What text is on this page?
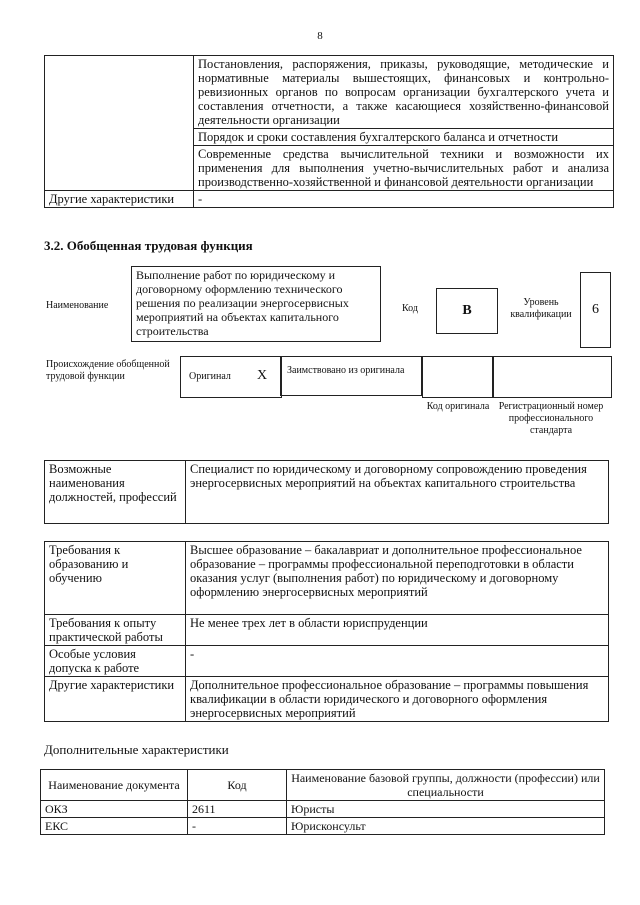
8
	Постановления, распоряжения, приказы, руководящие, методические и нормативные материалы вышестоящих, финансовых и контрольно-ревизионных органов по вопросам организации бухгалтерского учета и составления отчетности, а также касающиеся хозяйственно-финансовой деятельности организации
	Порядок и сроки составления бухгалтерского баланса и отчетности
	Современные средства вычислительной техники и возможности их применения для выполнения учетно-вычислительных работ и анализа производственно-хозяйственной и финансовой деятельности организации
Другие характеристики	-
3.2. Обобщенная трудовая функция
Наименование
Выполнение работ по юридическому и договорному оформлению технического решения по реализации энергосервисных мероприятий на объектах капитального строительства
Код	В
Уровень квалификации	6
Происхождение обобщенной трудовой функции	Оригинал X	Заимствовано из оригинала
Код оригинала Регистрационный номер профессионального стандарта
Возможные наименования должностей, профессий	Специалист по юридическому и договорному сопровождению проведения энергосервисных мероприятий на объектах капитального строительства
Требования к образованию и обучению	Высшее образование – бакалавриат и дополнительное профессиональное образование – программы профессиональной переподготовки в области оказания услуг (выполнения работ) по юридическому и договорному оформлению энергосервисных мероприятий
Требования к опыту практической работы	Не менее трех лет в области юриспруденции
Особые условия допуска к работе	-
Другие характеристики	Дополнительное профессиональное образование – программы повышения квалификации в области юридического и договорного оформления энергосервисных мероприятий
Дополнительные характеристики
Наименование документа	Код	Наименование базовой группы, должности (профессии) или специальности
ОКЗ	2611	Юристы
ЕКС	-	Юрисконсульт
